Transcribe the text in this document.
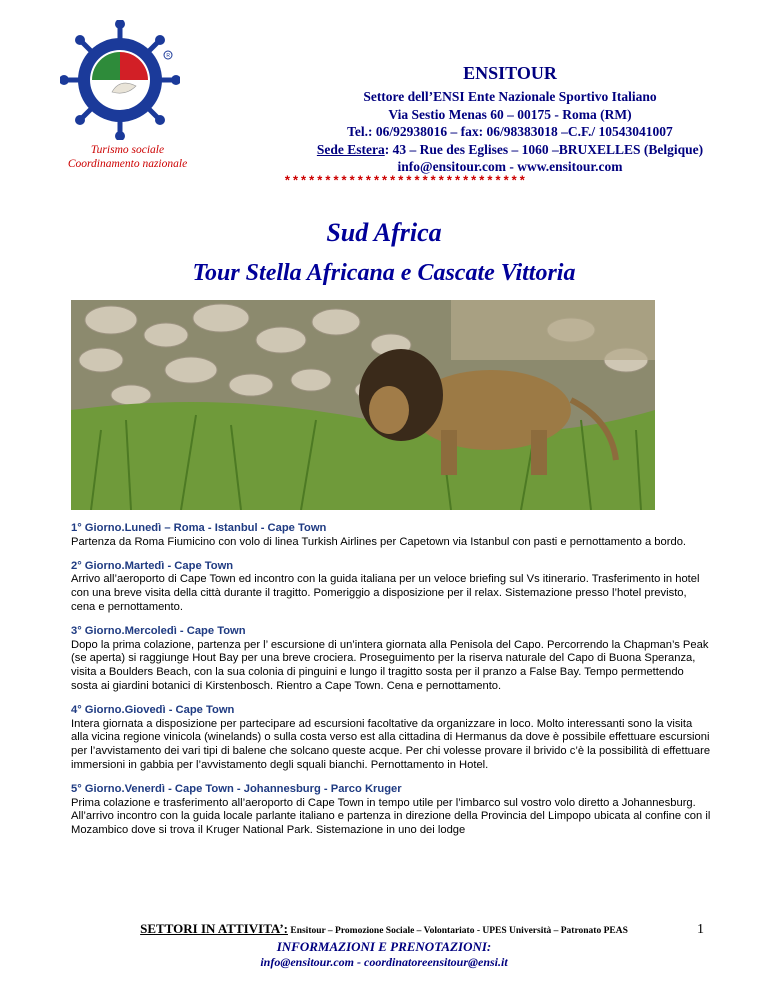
R
Turismo sociale
Coordinamento nazionale
ENSITOUR
Settore dell’ENSI Ente Nazionale Sportivo Italiano
Via Sestio Menas 60 – 00175 - Roma (RM)
Tel.: 06/92938016 – fax: 06/98383018 –C.F./ 10543041007
Sede Estera: 43 – Rue des Eglises – 1060 –BRUXELLES (Belgique)
info@ensitour.com - www.ensitour.com
******************************
Sud Africa
Tour Stella Africana e Cascate Vittoria
1° Giorno.Lunedì – Roma - Istanbul - Cape Town

Partenza da Roma Fiumicino con volo di linea Turkish Airlines per Capetown via Istanbul con pasti e pernottamento a bordo.

2° Giorno.Martedì - Cape Town

Arrivo all’aeroporto di Cape Town ed incontro con la guida italiana per un veloce briefing sul Vs itinerario. Trasferimento in hotel con una breve visita della città durante il tragitto. Pomeriggio a disposizione per il relax. Sistemazione presso l’hotel previsto, cena e pernottamento.

3° Giorno.Mercoledì - Cape Town

Dopo la prima colazione, partenza per l’ escursione di un’intera giornata alla Penisola del Capo. Percorrendo la Chapman’s Peak (se aperta) si raggiunge Hout Bay per una breve crociera. Proseguimento per la riserva naturale del Capo di Buona Speranza, visita a Boulders Beach, con la sua colonia di pinguini e lungo il tragitto sosta per il pranzo a False Bay. Tempo permettendo sosta ai giardini botanici di Kirstenbosch. Rientro a Cape Town. Cena e pernottamento.

4° Giorno.Giovedì - Cape Town

Intera giornata a disposizione per partecipare ad escursioni facoltative da organizzare in loco. Molto interessanti sono la visita alla vicina regione vinicola (winelands) o sulla costa verso est alla cittadina di Hermanus da dove è possibile effettuare escursioni per l’avvistamento dei vari tipi di balene che solcano queste acque. Per chi volesse provare il brivido c’è la possibilità di effettuare immersioni in gabbia per l’avvistamento degli squali bianchi. Pernottamento in Hotel.

5° Giorno.Venerdì - Cape Town - Johannesburg - Parco Kruger

Prima colazione e trasferimento all’aeroporto di Cape Town in tempo utile per l’imbarco sul vostro volo diretto a Johannesburg. All’arrivo incontro con la guida locale parlante italiano e partenza in direzione della Provincia del Limpopo ubicata al confine con il Mozambico dove si trova il Kruger National Park. Sistemazione in uno dei lodge

SETTORI IN ATTIVITA’: Ensitour – Promozione Sociale – Volontariato - UPES Università – Patronato PEAS
INFORMAZIONI E PRENOTAZIONI:
info@ensitour.com - coordinatoreensitour@ensi.it
1
